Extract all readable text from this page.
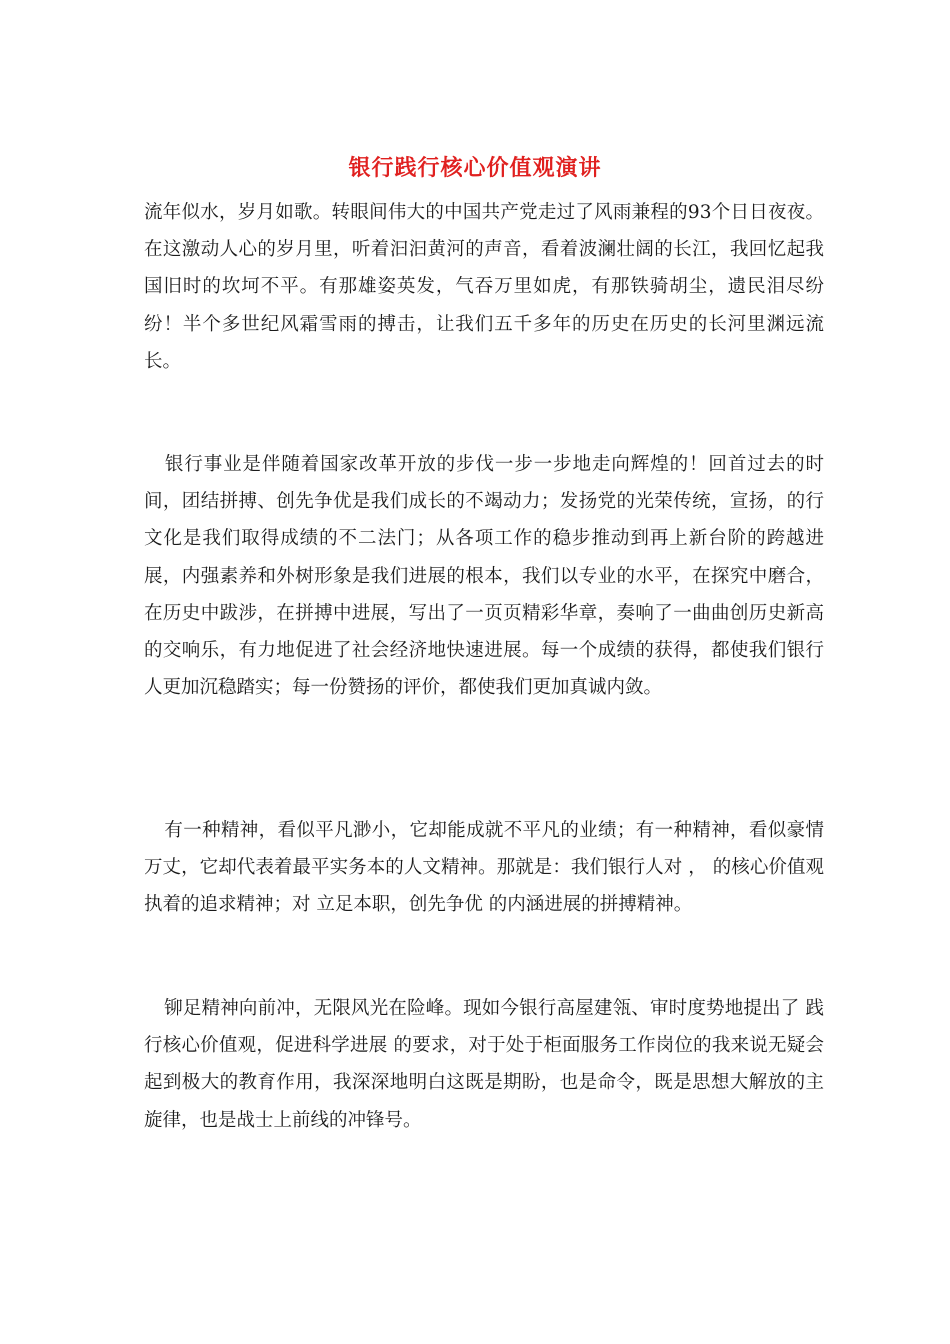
银行践行核心价值观演讲

流年似水，岁月如歌。转眼间伟大的中国共产党走过了风雨兼程的93个日日夜夜。在这激动人心的岁月里，听着汩汩黄河的声音，看着波澜壮阔的长江，我回忆起我国旧时的坎坷不平。有那雄姿英发，气吞万里如虎，有那铁骑胡尘，遗民泪尽纷纷！半个多世纪风霜雪雨的搏击，让我们五千多年的历史在历史的长河里渊远流长。

银行事业是伴随着国家改革开放的步伐一步一步地走向辉煌的！回首过去的时间，团结拼搏、创先争优是我们成长的不竭动力；发扬党的光荣传统，宣扬，的行文化是我们取得成绩的不二法门；从各项工作的稳步推动到再上新台阶的跨越进展，内强素养和外树形象是我们进展的根本，我们以专业的水平，在探究中磨合，在历史中跋涉，在拼搏中进展，写出了一页页精彩华章，奏响了一曲曲创历史新高的交响乐，有力地促进了社会经济地快速进展。每一个成绩的获得，都使我们银行人更加沉稳踏实；每一份赞扬的评价，都使我们更加真诚内敛。

有一种精神，看似平凡渺小，它却能成就不平凡的业绩；有一种精神，看似豪情万丈，它却代表着最平实务本的人文精神。那就是：我们银行人对 ， 的核心价值观执着的追求精神；对 立足本职，创先争优 的内涵进展的拼搏精神。

铆足精神向前冲，无限风光在险峰。现如今银行高屋建瓴、审时度势地提出了 践行核心价值观，促进科学进展 的要求，对于处于柜面服务工作岗位的我来说无疑会起到极大的教育作用，我深深地明白这既是期盼，也是命令，既是思想大解放的主旋律，也是战士上前线的冲锋号。
